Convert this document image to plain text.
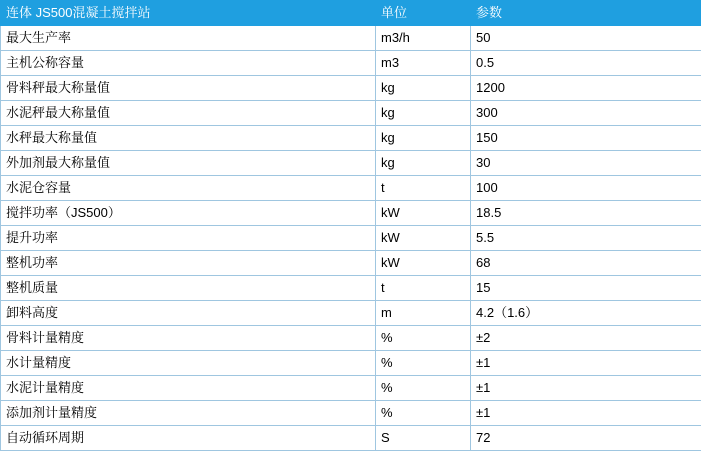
连体 JS500混凝土搅拌站	单位	参数
最大生产率	m3/h	50
主机公称容量	m3	0.5
骨料秤最大称量值	kg	1200
水泥秤最大称量值	kg	300
水秤最大称量值	kg	150
外加剂最大称量值	kg	30
水泥仓容量	t	100
搅拌功率（JS500）	kW	18.5
提升功率	kW	5.5
整机功率	kW	68
整机质量	t	15
卸料高度	m	4.2（1.6）
骨料计量精度	%	±2
水计量精度	%	±1
水泥计量精度	%	±1
添加剂计量精度	%	±1
自动循环周期	S	72
